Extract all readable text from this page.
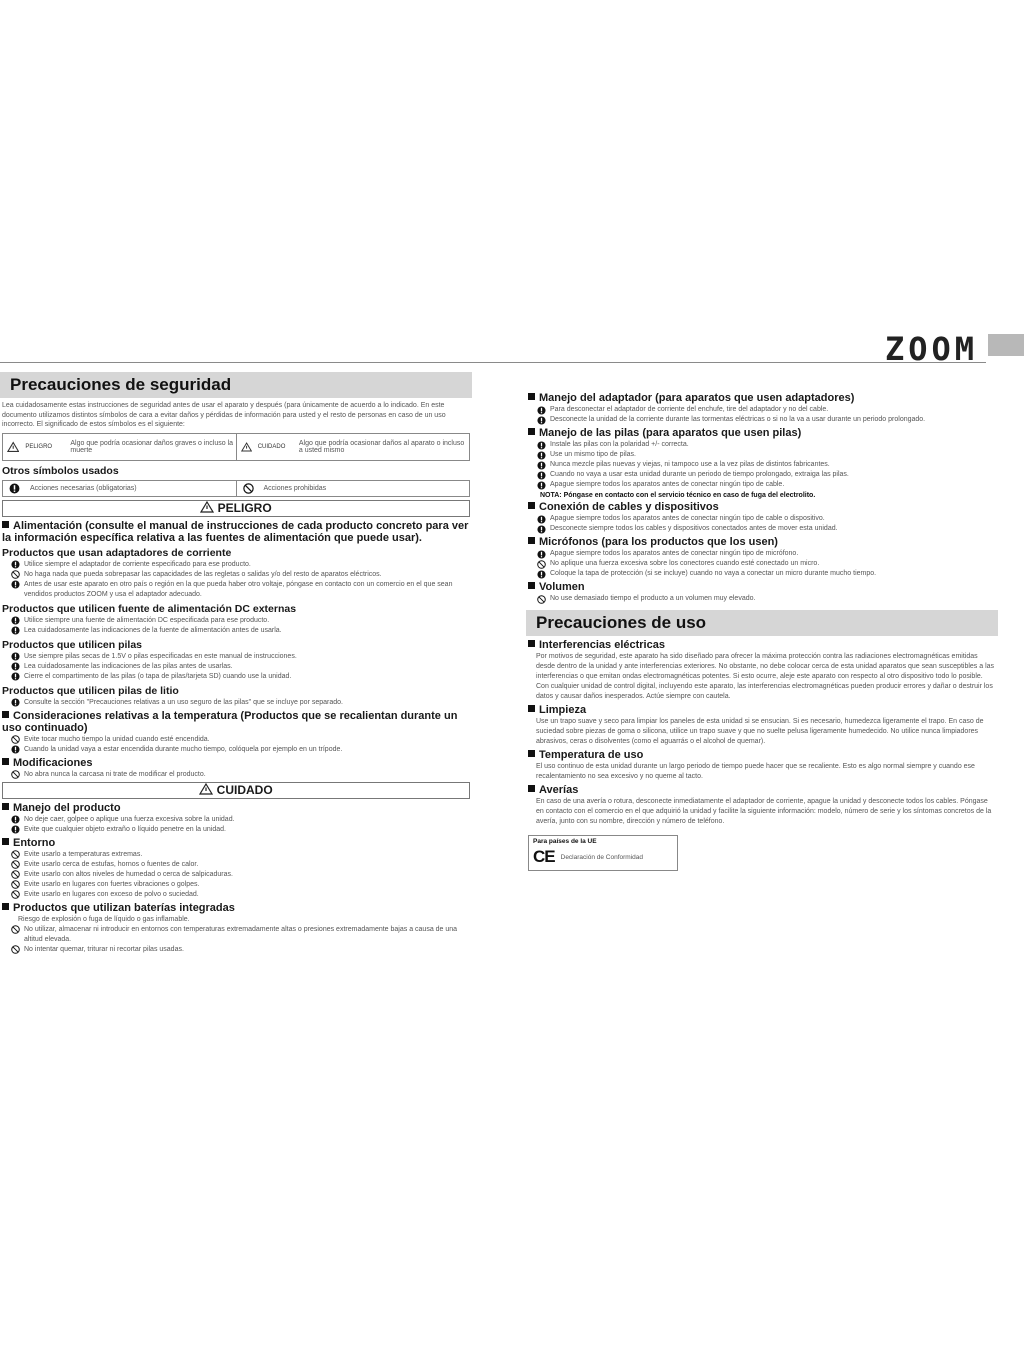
ZOOM
Precauciones de seguridad
Lea cuidadosamente estas instrucciones de seguridad antes de usar el aparato y después (para únicamente de acuerdo a lo indicado. En este documento utilizamos distintos símbolos de cara a evitar daños y pérdidas de información para usted y el resto de personas en caso de un uso incorrecto. El significado de estos símbolos es el siguiente:
PELIGRO	Algo que podría ocasionar daños graves o incluso la muerte	CUIDADO	Algo que podría ocasionar daños al aparato o incluso a usted mismo
Otros símbolos usados
Acciones necesarias (obligatorias)	Acciones prohibidas
PELIGRO
Alimentación (consulte el manual de instrucciones de cada producto concreto para ver la información específica relativa a las fuentes de alimentación que puede usar).
Productos que usan adaptadores de corriente
Utilice siempre el adaptador de corriente especificado para ese producto.
No haga nada que pueda sobrepasar las capacidades de las regletas o salidas y/o del resto de aparatos eléctricos.
Antes de usar este aparato en otro país o región en la que pueda haber otro voltaje, póngase en contacto con un comercio en el que sean vendidos productos ZOOM y usa el adaptador adecuado.
Productos que utilicen fuente de alimentación DC externas
Utilice siempre una fuente de alimentación DC especificada para ese producto.
Lea cuidadosamente las indicaciones de la fuente de alimentación antes de usarla.
Productos que utilicen pilas
Use siempre pilas secas de 1.5V o pilas especificadas en este manual de instrucciones.
Lea cuidadosamente las indicaciones de las pilas antes de usarlas.
Cierre el compartimento de las pilas (o tapa de pilas/tarjeta SD) cuando use la unidad.
Productos que utilicen pilas de litio
Consulte la sección "Precauciones relativas a un uso seguro de las pilas" que se incluye por separado.
Consideraciones relativas a la temperatura (Productos que se recalientan durante un uso continuado)
Evite tocar mucho tiempo la unidad cuando esté encendida.
Cuando la unidad vaya a estar encendida durante mucho tiempo, colóquela por ejemplo en un trípode.
Modificaciones
No abra nunca la carcasa ni trate de modificar el producto.
CUIDADO
Manejo del producto
No deje caer, golpee o aplique una fuerza excesiva sobre la unidad.
Evite que cualquier objeto extraño o líquido penetre en la unidad.
Entorno
Evite usarlo a temperaturas extremas.
Evite usarlo cerca de estufas, hornos o fuentes de calor.
Evite usarlo con altos niveles de humedad o cerca de salpicaduras.
Evite usarlo en lugares con fuertes vibraciones o golpes.
Evite usarlo en lugares con exceso de polvo o suciedad.
Productos que utilizan baterías integradas
Riesgo de explosión o fuga de líquido o gas inflamable.
No utilizar, almacenar ni introducir en entornos con temperaturas extremadamente altas o presiones extremadamente bajas a causa de una altitud elevada.
No intentar quemar, triturar ni recortar pilas usadas.
Manejo del adaptador (para aparatos que usen adaptadores)
Para desconectar el adaptador de corriente del enchufe, tire del adaptador y no del cable.
Desconecte la unidad de la corriente durante las tormentas eléctricas o si no la va a usar durante un periodo prolongado.
Manejo de las pilas (para aparatos que usen pilas)
Instale las pilas con la polaridad +/- correcta.
Use un mismo tipo de pilas.
Nunca mezcle pilas nuevas y viejas, ni tampoco use a la vez pilas de distintos fabricantes.
Cuando no vaya a usar esta unidad durante un periodo de tiempo prolongado, extraiga las pilas.
Apague siempre todos los aparatos antes de conectar ningún tipo de cable.
NOTA: Póngase en contacto con el servicio técnico en caso de fuga del electrolito.
Conexión de cables y dispositivos
Apague siempre todos los aparatos antes de conectar ningún tipo de cable o dispositivo.
Desconecte siempre todos los cables y dispositivos conectados antes de mover esta unidad.
Micrófonos (para los productos que los usen)
Apague siempre todos los aparatos antes de conectar ningún tipo de micrófono.
No aplique una fuerza excesiva sobre los conectores cuando esté conectado un micro.
Coloque la tapa de protección (si se incluye) cuando no vaya a conectar un micro durante mucho tiempo.
Volumen
No use demasiado tiempo el producto a un volumen muy elevado.
Precauciones de uso
Interferencias eléctricas
Por motivos de seguridad, este aparato ha sido diseñado para ofrecer la máxima protección contra las radiaciones electromagnéticas emitidas desde dentro de la unidad y ante interferencias exteriores. No obstante, no debe colocar cerca de esta unidad aparatos que sean susceptibles a las interferencias o que emitan ondas electromagnéticas potentes. Si esto ocurre, aleje este aparato con respecto al otro dispositivo todo lo posible. Con cualquier unidad de control digital, incluyendo este aparato, las interferencias electromagnéticas pueden producir errores y dañar o destruir los datos y causar daños inesperados. Actúe siempre con cautela.
Limpieza
Use un trapo suave y seco para limpiar los paneles de esta unidad si se ensucian. Si es necesario, humedezca ligeramente el trapo. En caso de suciedad sobre piezas de goma o silicona, utilice un trapo suave y que no suelte pelusa ligeramente humedecido. No utilice nunca limpiadores abrasivos, ceras o disolventes (como el aguarrás o el alcohol de quemar).
Temperatura de uso
El uso continuo de esta unidad durante un largo periodo de tiempo puede hacer que se recaliente. Esto es algo normal siempre y cuando ese recalentamiento no sea excesivo y no queme al tacto.
Averías
En caso de una avería o rotura, desconecte inmediatamente el adaptador de corriente, apague la unidad y desconecte todos los cables. Póngase en contacto con el comercio en el que adquirió la unidad y facilite la siguiente información: modelo, número de serie y los síntomas concretos de la avería, junto con su nombre, dirección y número de teléfono.
Para países de la UE
CE Declaración de Conformidad
